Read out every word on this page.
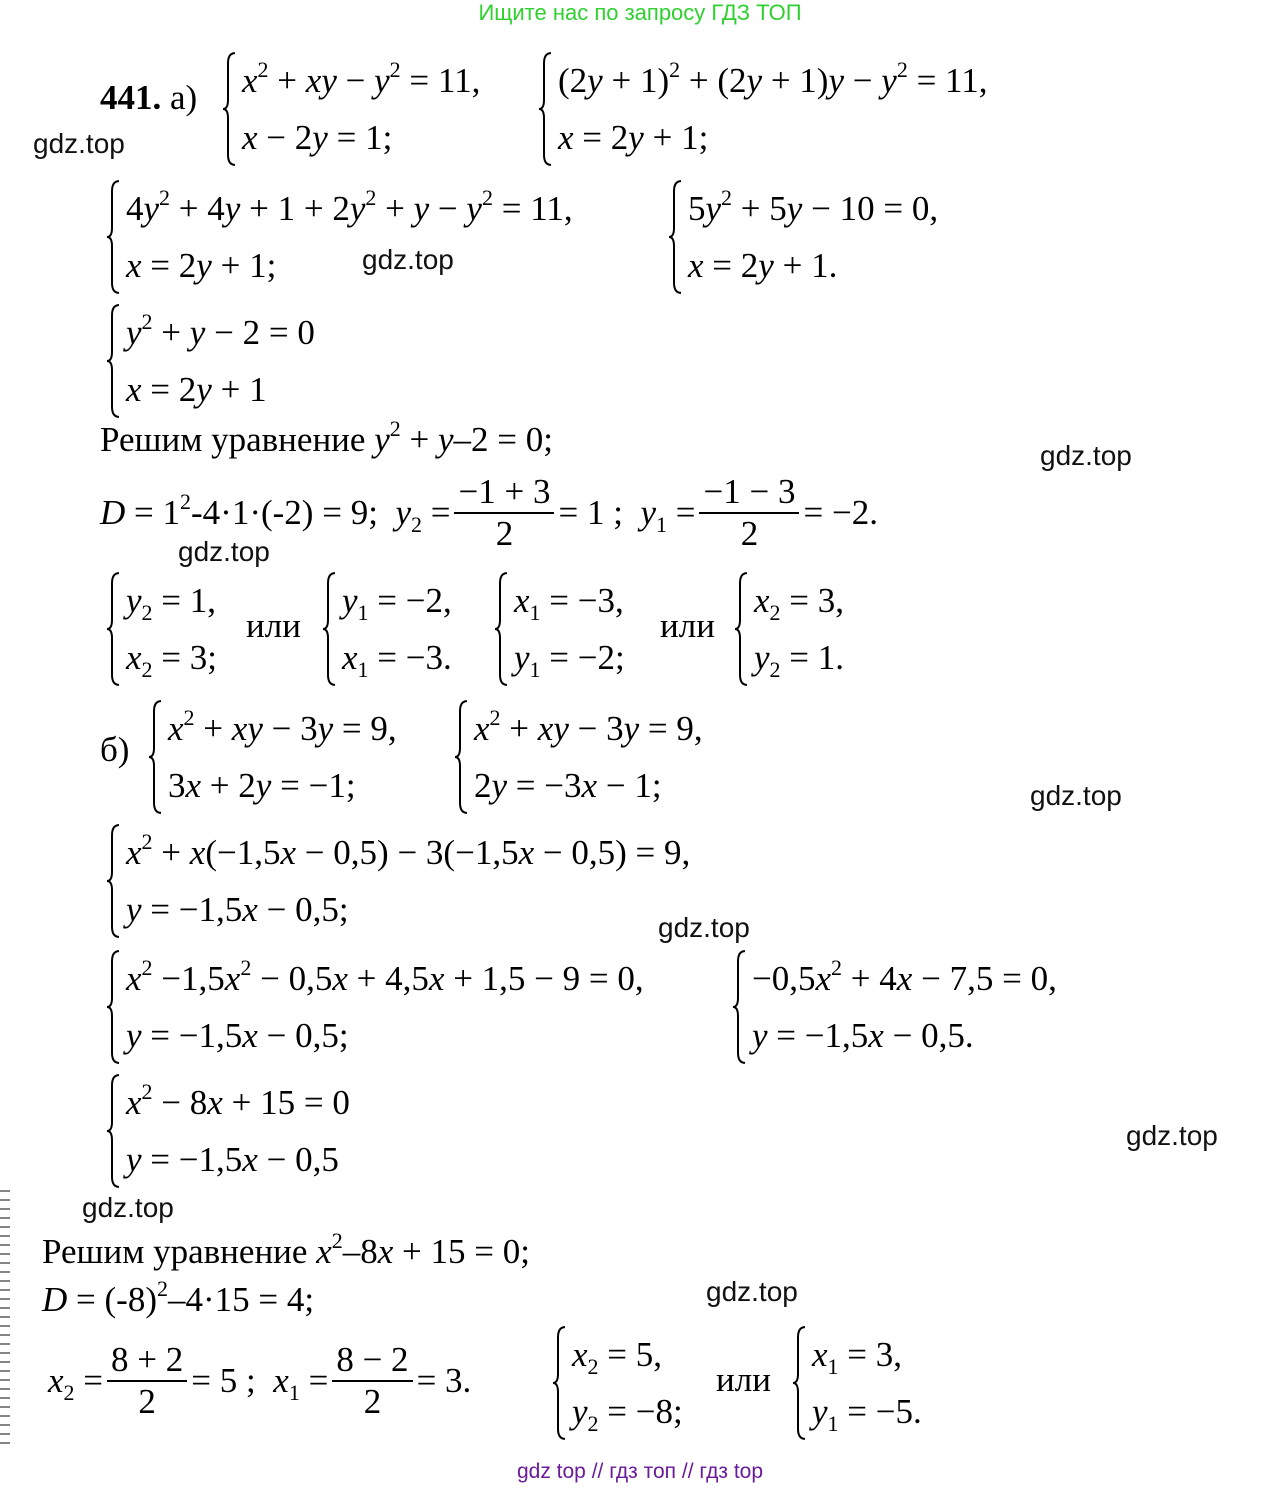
Ищите нас по запросу ГДЗ ТОП
gdz.top
gdz.top
gdz.top
gdz.top
gdz.top
gdz.top
gdz.top
gdz.top
gdz.top
441. а) $x^2$ + xy − $y^2 = 11$,
x − 2y = 1;
$(2y + 1)^2 + (2y + 1)y - y^2 = 11$,
x = 2y + 1;
$4y^2 + 4y + 1 + 2y^2 + y - y^2 = 11$,
x = 2y + 1;
$5y^2 + 5y - 10 = 0$,
x = 2y + 1.
$y^2 + y - 2 = 0$
x = 2y + 1
Решим уравнение $y^2 + y-2 = 0$;
$D = 1^2-4\cdot 1\cdot(-2) = 9$;  $y_2 = \frac{-1 + 3}{2} = 1$ ;  $y_1 = \frac{-1 - 3}{2} = -2$.
$y_2 = 1$,
$x_2 = 3$;
или
$y_1 = -2$,
$x_1 = -3$.
$x_1 = -3$,
$y_1 = -2$;
или
$x_2 = 3$,
$y_2 = 1$.
б)
$x^2$ + xy − 3y = 9,
3x + 2y = −1;
$x^2$ + xy − 3y = 9,
2y = −3x − 1;
$x^2 + x(-1,5x - 0,5) - 3(-1,5x - 0,5) = 9$,
y = −1,5x − 0,5;
$x^2 -1,5x^2 - 0,5x + 4,5x + 1,5 - 9 = 0$,
y = −1,5x − 0,5;
$-0,5x^2 + 4x - 7,5 = 0$,
y = −1,5x − 0,5.
$x^2 - 8x + 15 = 0$
y = −1,5x − 0,5
Решим уравнение $x^2-8x + 15 = 0$;
$D = (-8)^2-4\cdot 15 = 4$;
$x_2 = \frac{8 + 2}{2} = 5$ ;  $x_1 = \frac{8 - 2}{2} = 3$.
$x_2 = 5$,
$y_2 = -8$;
или
$x_1 = 3$,
$y_1 = -5$.
gdz top // гдз топ // гдз top
